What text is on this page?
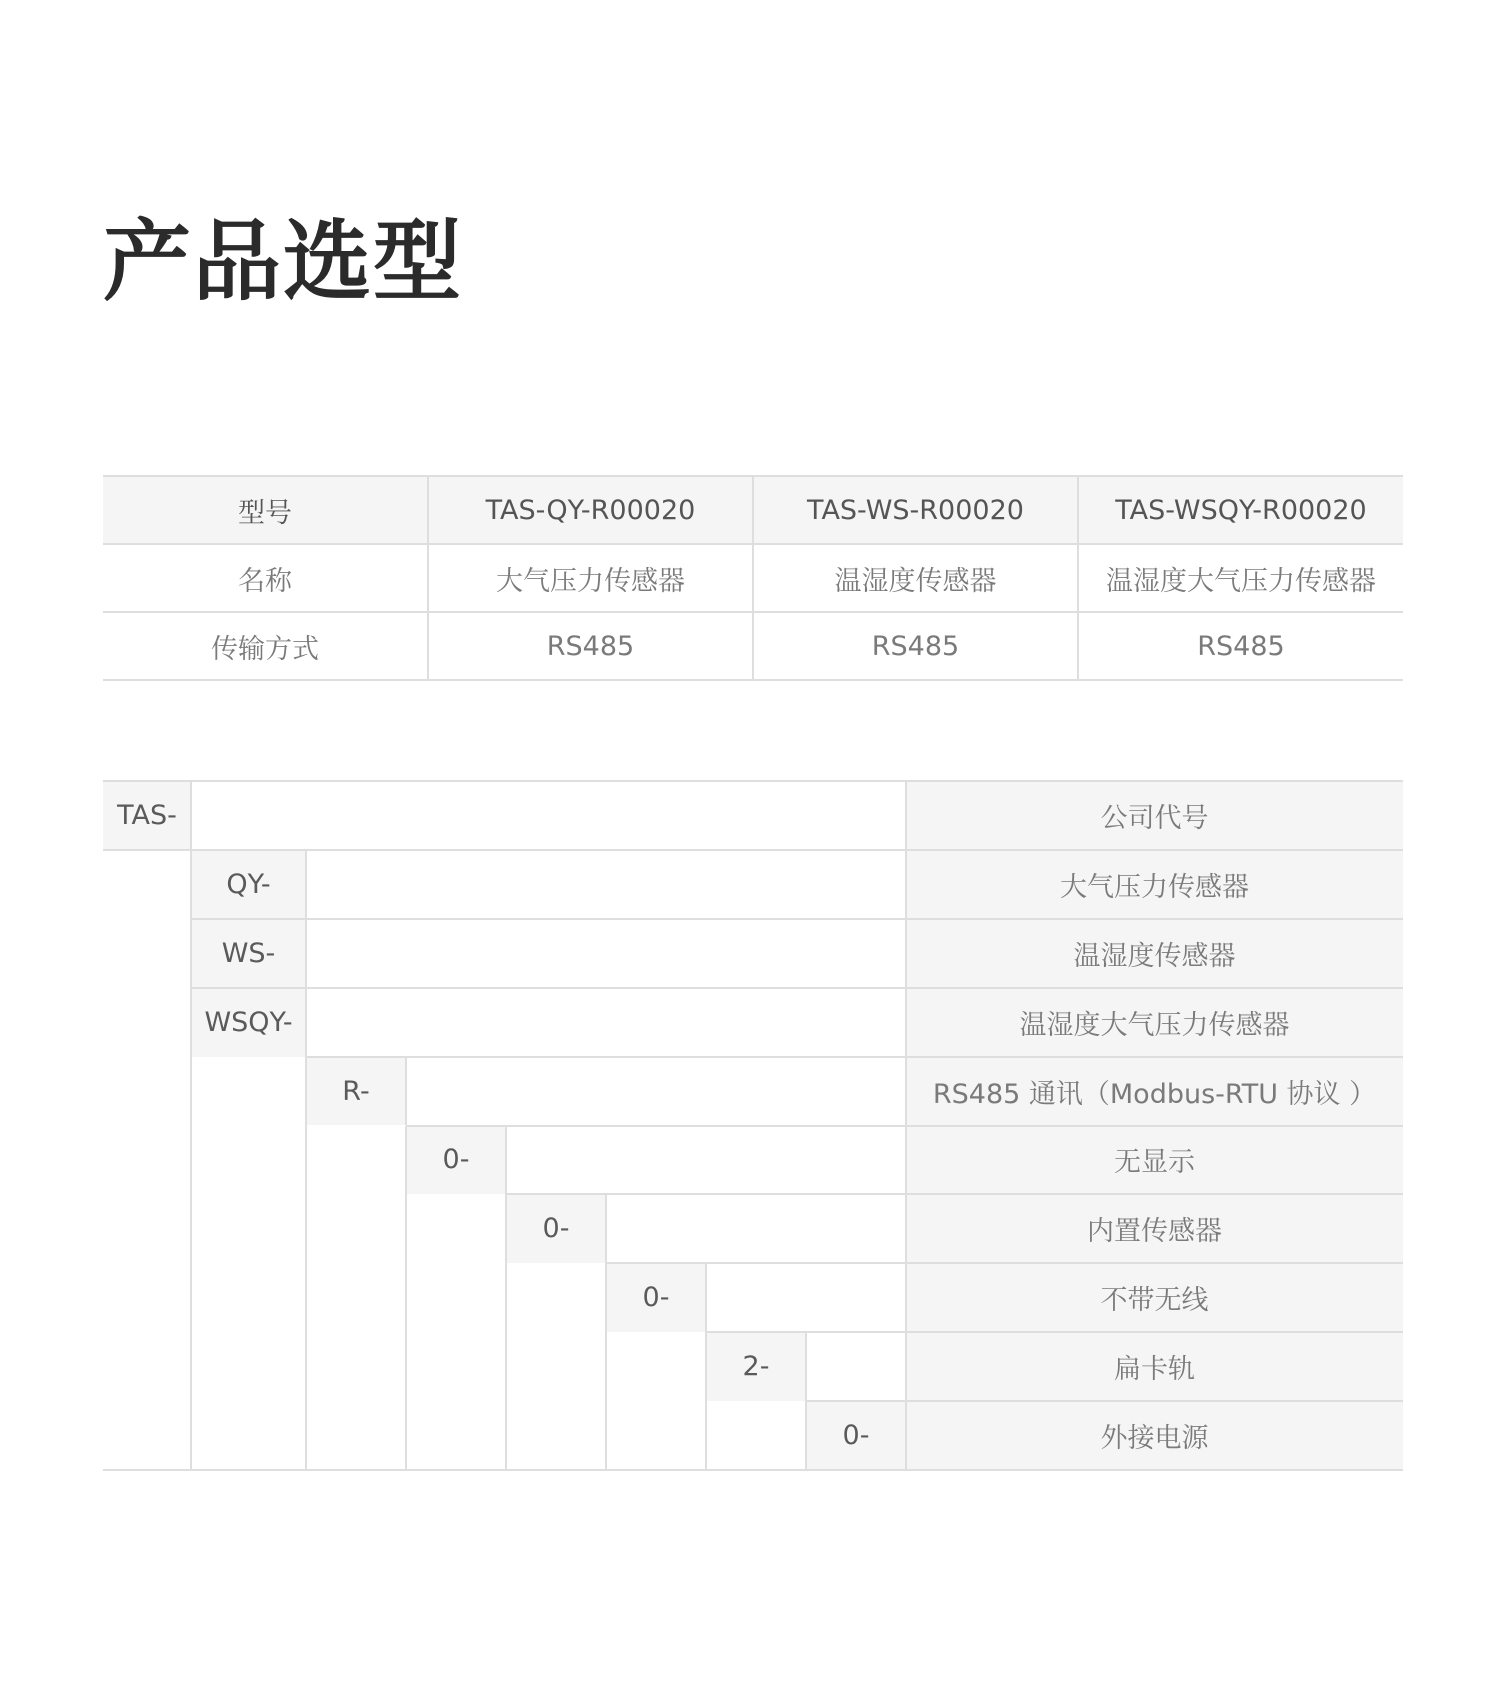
产品选型
型号	TAS-QY-R00020	TAS-WS-R00020	TAS-WSQY-R00020
名称	大气压力传感器	温湿度传感器	温湿度大气压力传感器
传输方式	RS485	RS485	RS485
TAS-	公司代号
QY-	大气压力传感器
WS-	温湿度传感器
WSQY-	温湿度大气压力传感器
R-	RS485 通讯（Modbus-RTU 协议 ）
0-	无显示
0-	内置传感器
0-	不带无线
2-	扁卡轨
0-	外接电源
